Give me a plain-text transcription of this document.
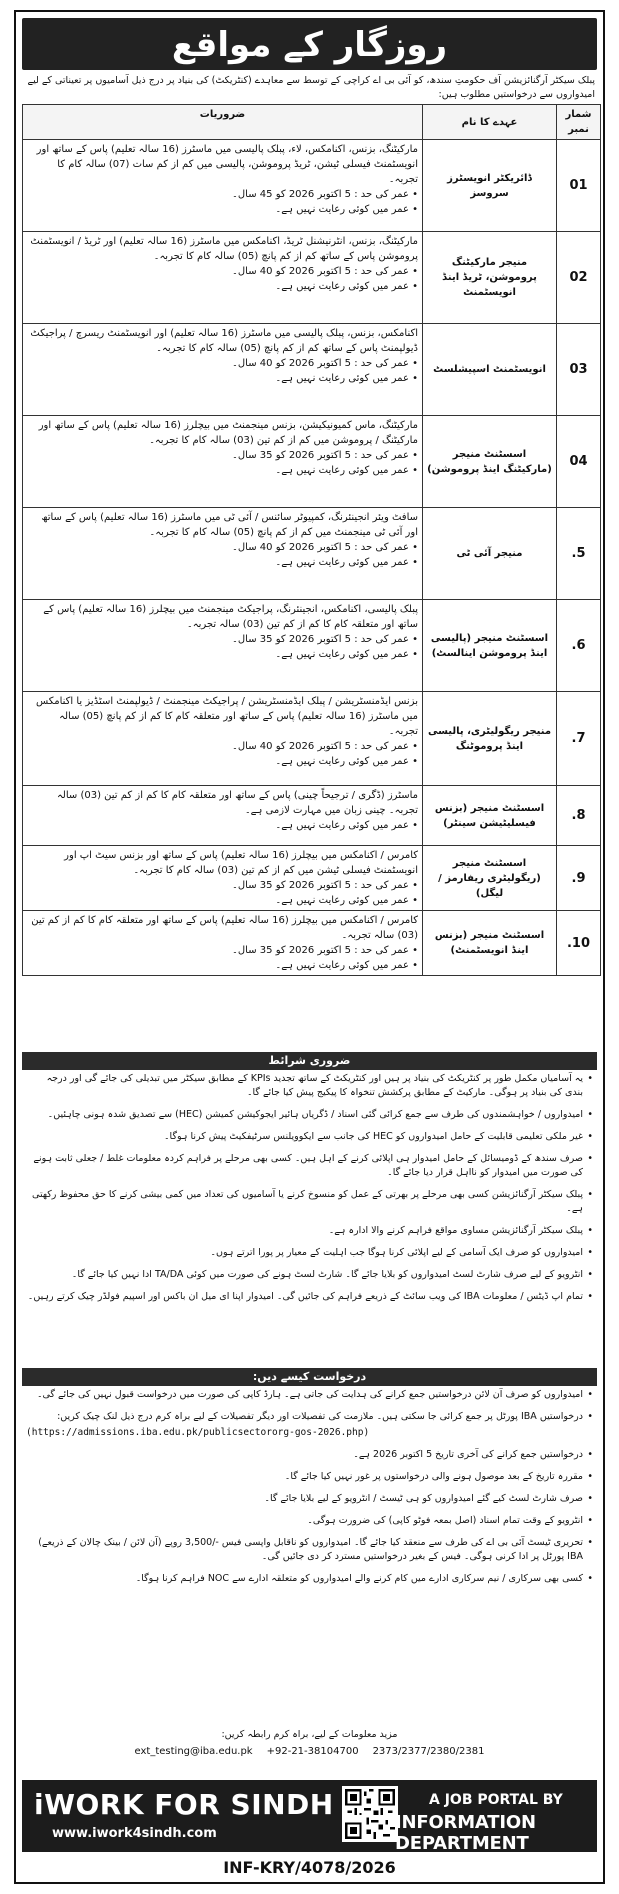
روزگار کے مواقع
پبلک سیکٹر آرگنائزیشن آف حکومتِ سندھ، کو آئی بی اے کراچی کے توسط سے معاہدے (کنٹریکٹ) کی بنیاد پر درج ذیل آسامیوں پر تعیناتی کے لیے امیدواروں سے درخواستیں مطلوب ہیں:
شمار نمبر	عہدے کا نام	ضروریات
01	ڈائریکٹر انویسٹرز سروسز	مارکیٹنگ، بزنس، اکنامکس، لاء، پبلک پالیسی میں ماسٹرز (16 سالہ تعلیم) پاس کے ساتھ اور انویسٹمنٹ فیسلی ٹیشن، ٹریڈ پروموشن، پالیسی میں کم از کم سات (07) سالہ کام کا تجربہ۔
• عمر کی حد : 5 اکتوبر 2026 کو 45 سال۔
• عمر میں کوئی رعایت نہیں ہے۔

02	منیجر مارکیٹنگ پروموشن، ٹریڈ اینڈ انویسٹمنٹ	مارکیٹنگ، بزنس، انٹرنیشنل ٹریڈ، اکنامکس میں ماسٹرز (16 سالہ تعلیم) اور ٹریڈ / انویسٹمنٹ پروموشن پاس کے ساتھ کم از کم پانچ (05) سالہ کام کا تجربہ۔
• عمر کی حد : 5 اکتوبر 2026 کو 40 سال۔
• عمر میں کوئی رعایت نہیں ہے۔

03	انویسٹمنٹ اسپیشلسٹ	اکنامکس، بزنس، پبلک پالیسی میں ماسٹرز (16 سالہ تعلیم) اور انویسٹمنٹ ریسرچ / پراجیکٹ ڈیولپمنٹ پاس کے ساتھ کم از کم پانچ (05) سالہ کام کا تجربہ۔
• عمر کی حد : 5 اکتوبر 2026 کو 40 سال۔
• عمر میں کوئی رعایت نہیں ہے۔

04	اسسٹنٹ منیجر (مارکیٹنگ اینڈ پروموشن)	مارکیٹنگ، ماس کمیونیکیشن، بزنس مینجمنٹ میں بیچلرز (16 سالہ تعلیم) پاس کے ساتھ اور مارکیٹنگ / پروموشن میں کم از کم تین (03) سالہ کام کا تجربہ۔
• عمر کی حد : 5 اکتوبر 2026 کو 35 سال۔
• عمر میں کوئی رعایت نہیں ہے۔

5.	منیجر آئی ٹی	سافٹ ویئر انجینئرنگ، کمپیوٹر سائنس / آئی ٹی میں ماسٹرز (16 سالہ تعلیم) پاس کے ساتھ اور آئی ٹی مینجمنٹ میں کم از کم پانچ (05) سالہ کام کا تجربہ۔
• عمر کی حد : 5 اکتوبر 2026 کو 40 سال۔
• عمر میں کوئی رعایت نہیں ہے۔

6.	اسسٹنٹ منیجر (پالیسی اینڈ پروموشن اینالسٹ)	پبلک پالیسی، اکنامکس، انجینئرنگ، پراجیکٹ مینجمنٹ میں بیچلرز (16 سالہ تعلیم) پاس کے ساتھ اور متعلقہ کام کا کم از کم تین (03) سالہ تجربہ۔
• عمر کی حد : 5 اکتوبر 2026 کو 35 سال۔
• عمر میں کوئی رعایت نہیں ہے۔

7.	منیجر ریگولیٹری، پالیسی اینڈ پروموٹنگ	بزنس ایڈمنسٹریشن / پبلک ایڈمنسٹریشن / پراجیکٹ مینجمنٹ / ڈیولپمنٹ اسٹڈیز یا اکنامکس میں ماسٹرز (16 سالہ تعلیم) پاس کے ساتھ اور متعلقہ کام کا کم از کم پانچ (05) سالہ تجربہ۔
• عمر کی حد : 5 اکتوبر 2026 کو 40 سال۔
• عمر میں کوئی رعایت نہیں ہے۔

8.	اسسٹنٹ منیجر (بزنس فیسلیٹیشن سینٹر)	ماسٹرز (ڈگری / ترجیحاً چینی) پاس کے ساتھ اور متعلقہ کام کا کم از کم تین (03) سالہ تجربہ۔ چینی زبان میں مہارت لازمی ہے۔
• عمر میں کوئی رعایت نہیں ہے۔

9.	اسسٹنٹ منیجر (ریگولیٹری ریفارمز / لیگل)	کامرس / اکنامکس میں بیچلرز (16 سالہ تعلیم) پاس کے ساتھ اور بزنس سیٹ اپ اور انویسٹمنٹ فیسلی ٹیشن میں کم از کم تین (03) سالہ کام کا تجربہ۔
• عمر کی حد : 5 اکتوبر 2026 کو 35 سال۔
• عمر میں کوئی رعایت نہیں ہے۔

10.	اسسٹنٹ منیجر (بزنس اینڈ انویسٹمنٹ)	کامرس / اکنامکس میں بیچلرز (16 سالہ تعلیم) پاس کے ساتھ اور متعلقہ کام کا کم از کم تین (03) سالہ تجربہ۔
• عمر کی حد : 5 اکتوبر 2026 کو 35 سال۔
• عمر میں کوئی رعایت نہیں ہے۔
ضروری شرائط
• یہ آسامیاں مکمل طور پر کنٹریکٹ کی بنیاد پر ہیں اور کنٹریکٹ کے ساتھ تجدید KPIs کے مطابق سیکٹر میں تبدیلی کی جائے گی اور درجہ بندی کی بنیاد پر ہوگی۔ مارکیٹ کے مطابق پرکشش تنخواہ کا پیکیج پیش کیا جائے گا۔
• امیدواروں / خواہشمندوں کی طرف سے جمع کرائی گئی اسناد / ڈگریاں ہائیر ایجوکیشن کمیشن (HEC) سے تصدیق شدہ ہونی چاہئیں۔
• غیر ملکی تعلیمی قابلیت کے حامل امیدواروں کو HEC کی جانب سے ایکوویلنس سرٹیفکیٹ پیش کرنا ہوگا۔
• صرف سندھ کے ڈومیسائل کے حامل امیدوار ہی اپلائی کرنے کے اہل ہیں۔ کسی بھی مرحلے پر فراہم کردہ معلومات غلط / جعلی ثابت ہونے کی صورت میں امیدوار کو نااہل قرار دیا جائے گا۔
• پبلک سیکٹر آرگنائزیشن کسی بھی مرحلے پر بھرتی کے عمل کو منسوخ کرنے یا آسامیوں کی تعداد میں کمی بیشی کرنے کا حق محفوظ رکھتی ہے۔
• پبلک سیکٹر آرگنائزیشن مساوی مواقع فراہم کرنے والا ادارہ ہے۔
• امیدواروں کو صرف ایک آسامی کے لیے اپلائی کرنا ہوگا جب اہلیت کے معیار پر پورا اترتے ہوں۔
• انٹرویو کے لیے صرف شارٹ لسٹ امیدواروں کو بلایا جائے گا۔ شارٹ لسٹ ہونے کی صورت میں کوئی TA/DA ادا نہیں کیا جائے گا۔
• تمام اپ ڈیٹس / معلومات IBA کی ویب سائٹ کے ذریعے فراہم کی جائیں گی۔ امیدوار اپنا ای میل ان باکس اور اسپیم فولڈر چیک کرتے رہیں۔
درخواست کیسے دیں:
• امیدواروں کو صرف آن لائن درخواستیں جمع کرانے کی ہدایت کی جاتی ہے۔ ہارڈ کاپی کی صورت میں درخواست قبول نہیں کی جائے گی۔
• درخواستیں IBA پورٹل پر جمع کرائی جا سکتی ہیں۔ ملازمت کی تفصیلات اور دیگر تفصیلات کے لیے براہ کرم درج ذیل لنک چیک کریں:
(https://admissions.iba.edu.pk/publicsectororg-gos-2026.php)
• درخواستیں جمع کرانے کی آخری تاریخ 5 اکتوبر 2026 ہے۔
• مقررہ تاریخ کے بعد موصول ہونے والی درخواستوں پر غور نہیں کیا جائے گا۔
• صرف شارٹ لسٹ کیے گئے امیدواروں کو ہی ٹیسٹ / انٹرویو کے لیے بلایا جائے گا۔
• انٹرویو کے وقت تمام اسناد (اصل بمعہ فوٹو کاپی) کی ضرورت ہوگی۔
• تحریری ٹیسٹ آئی بی اے کی طرف سے منعقد کیا جائے گا۔ امیدواروں کو ناقابل واپسی فیس -/3,500 روپے (آن لائن / بینک چالان کے ذریعے) IBA پورٹل پر ادا کرنی ہوگی۔ فیس کے بغیر درخواستیں مسترد کر دی جائیں گی۔
• کسی بھی سرکاری / نیم سرکاری ادارے میں کام کرنے والے امیدواروں کو متعلقہ ادارے سے NOC فراہم کرنا ہوگا۔
مزید معلومات کے لیے، براہ کرم رابطہ کریں:
ext_testing@iba.edu.pk +92-21-38104700 2373/2377/2380/2381
iWORK FOR SINDH
www.iwork4sindh.com
A JOB PORTAL BY
INFORMATION DEPARTMENT
INF-KRY/4078/2026
